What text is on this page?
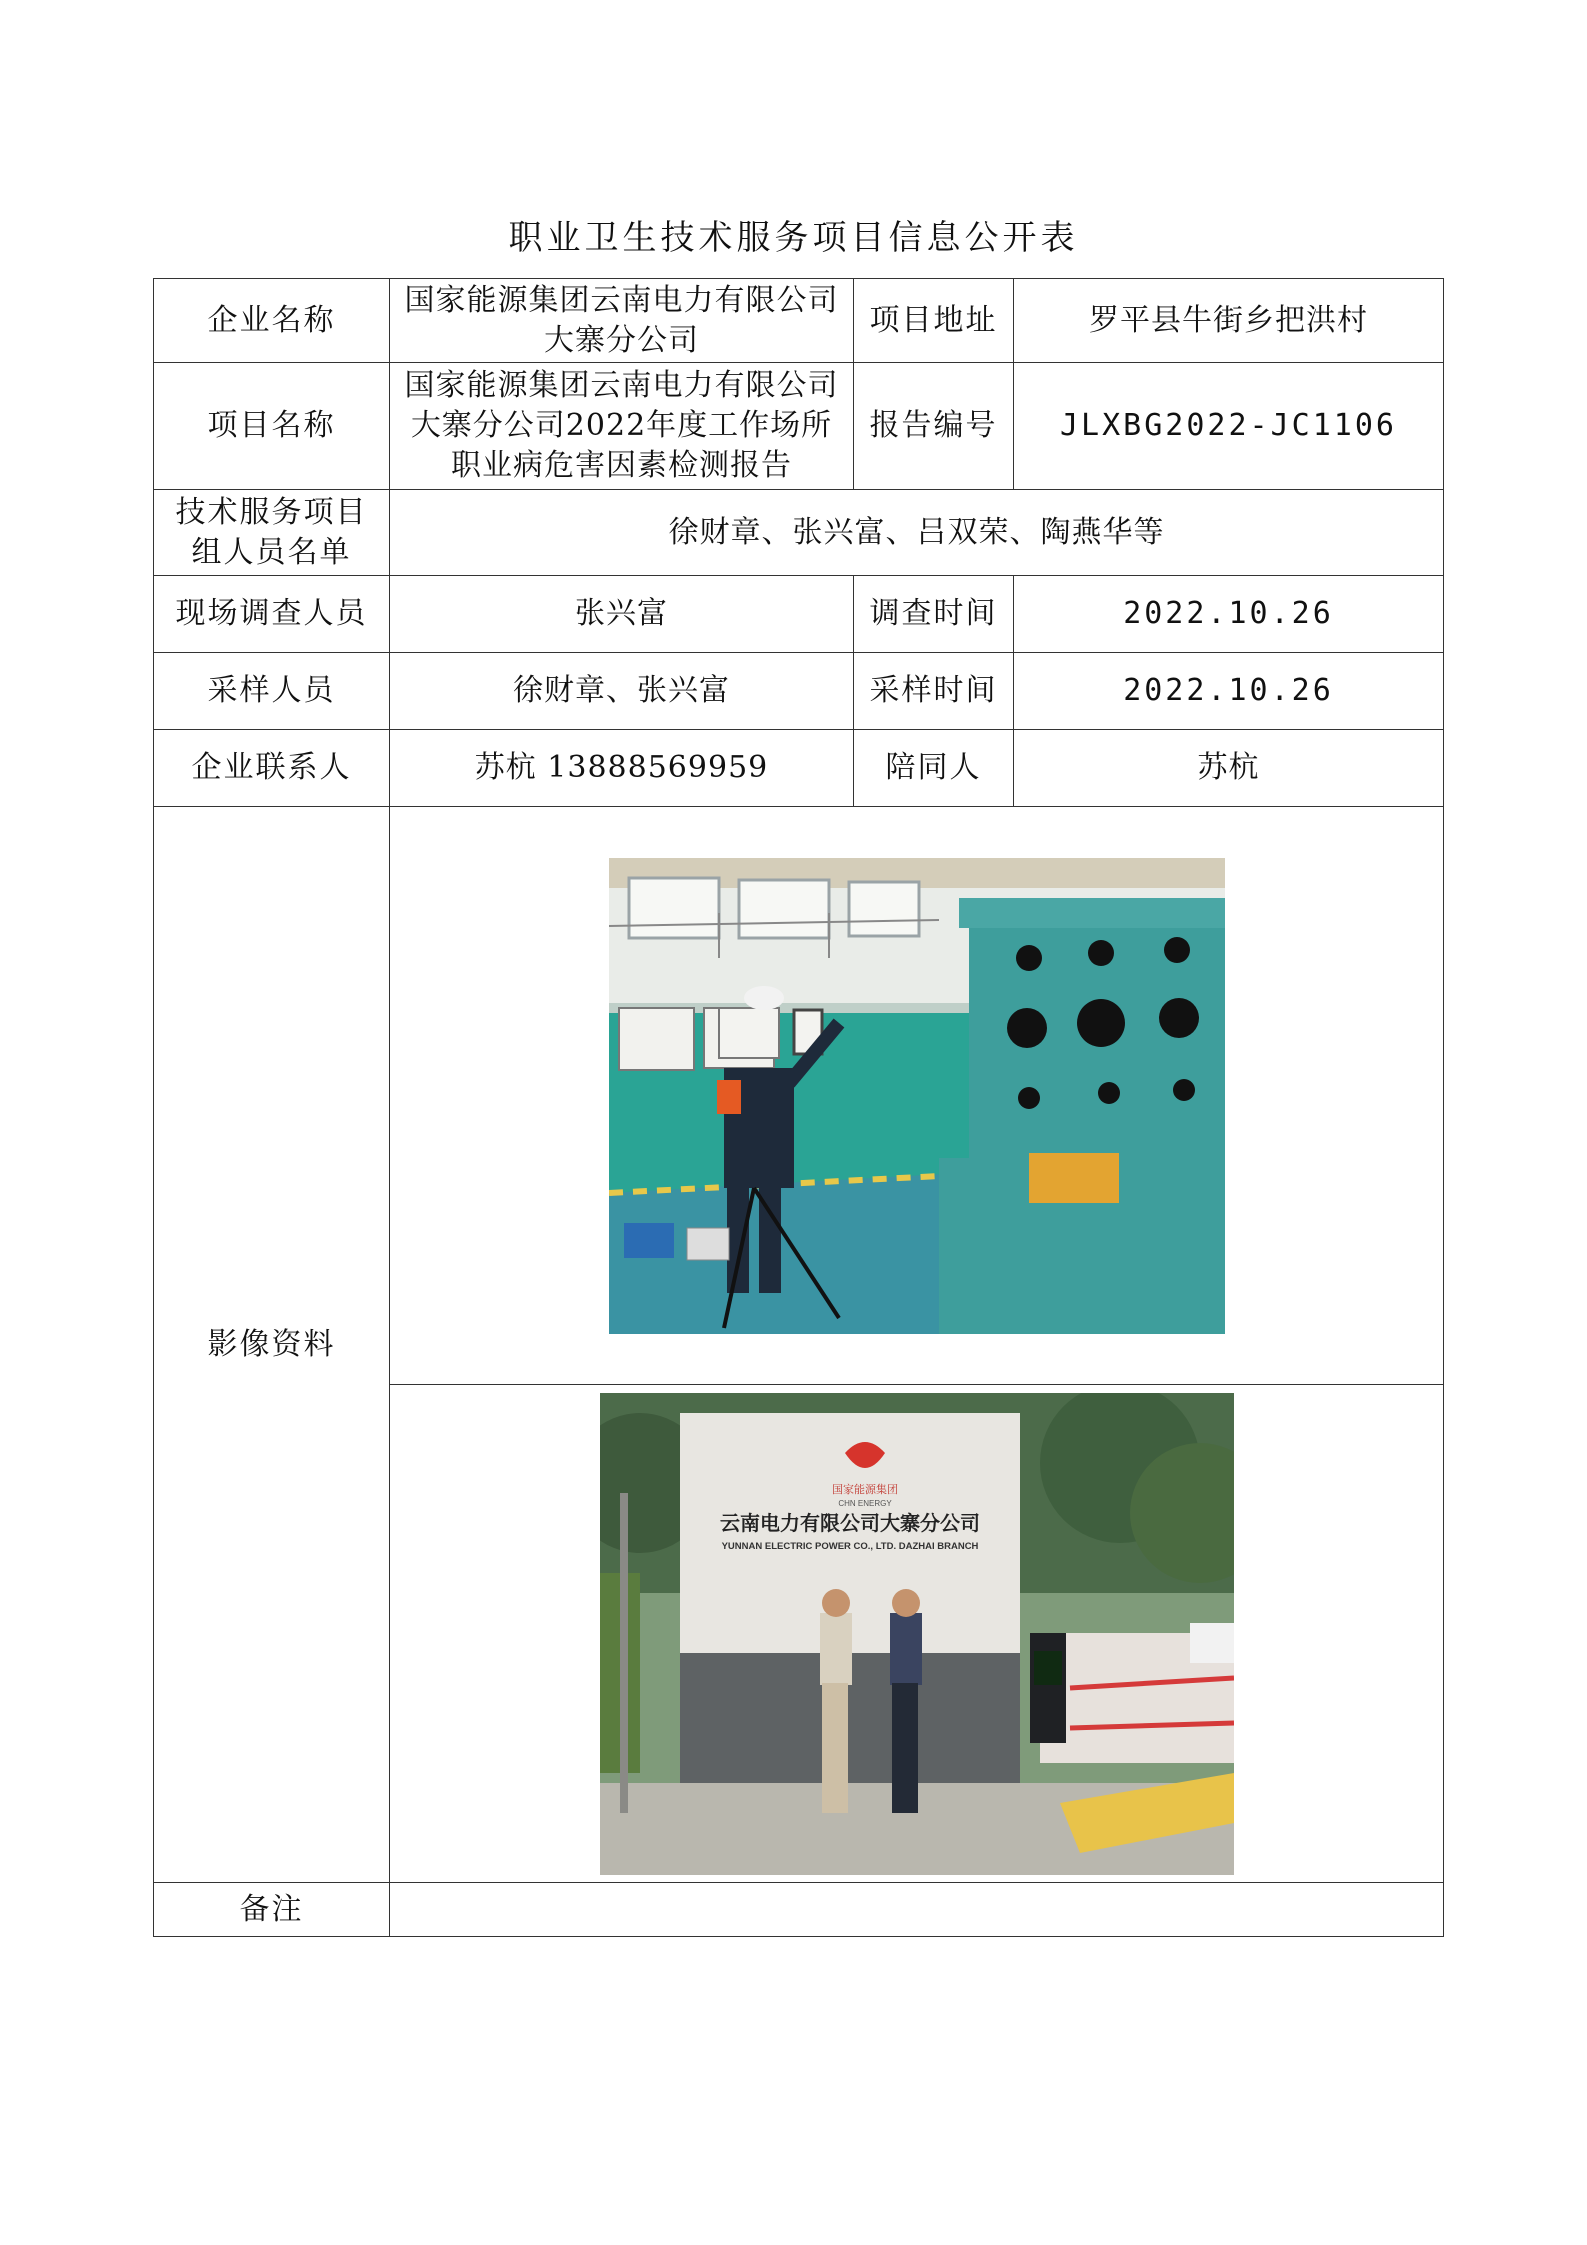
职业卫生技术服务项目信息公开表
企业名称	国家能源集团云南电力有限公司大寨分公司	项目地址	罗平县牛街乡把洪村
项目名称	国家能源集团云南电力有限公司大寨分公司2022年度工作场所职业病危害因素检测报告	报告编号	JLXBG2022-JC1106
技术服务项目组人员名单	徐财章、张兴富、吕双荣、陶燕华等		
现场调查人员	张兴富	调查时间	2022.10.26
采样人员	徐财章、张兴富	采样时间	2022.10.26
企业联系人	苏杭 13888569959	陪同人	苏杭
影像资料	

国家能源集团
CHN ENERGY
云南电力有限公司大寨分公司
YUNNAN ELECTRIC POWER CO., LTD. DAZHAI BRANCH		

备注			
